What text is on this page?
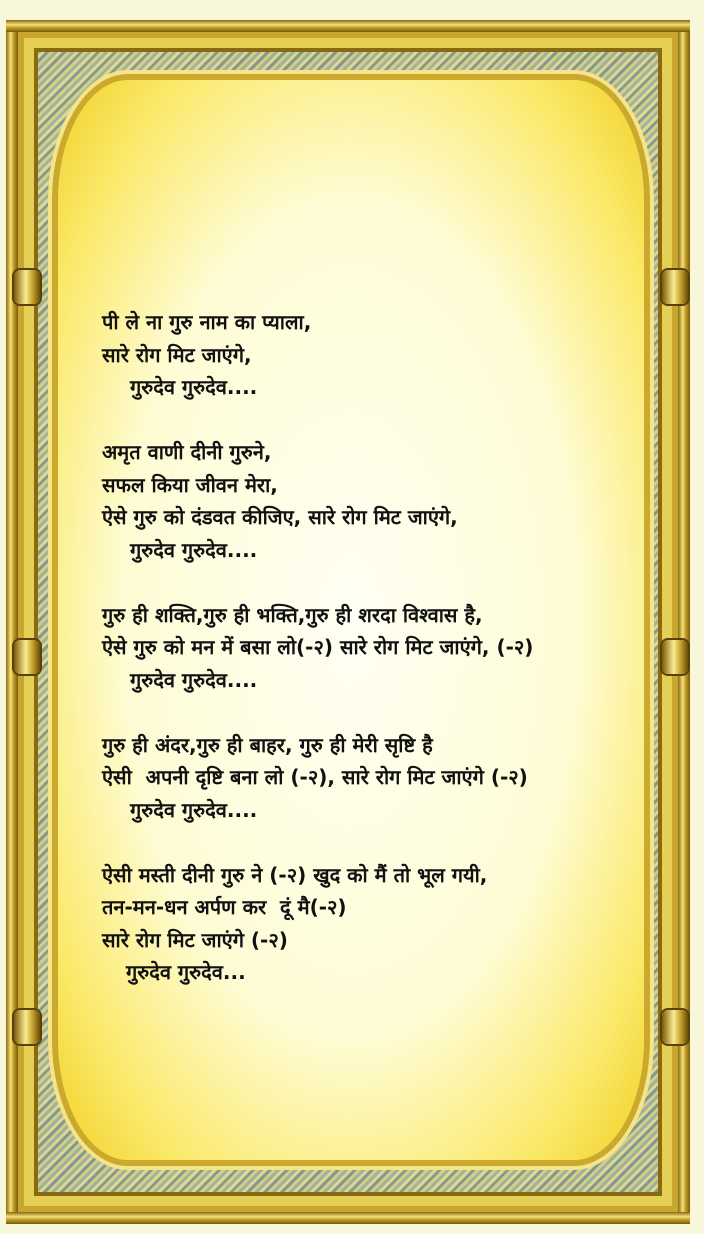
पी ले ना गुरु नाम का प्याला,
सारे रोग मिट जाएंगे,
गुरुदेव गुरुदेव....
अमृत वाणी दीनी गुरुने,
सफल किया जीवन मेरा,
ऐसे गुरु को दंडवत कीजिए, सारे रोग मिट जाएंगे,
गुरुदेव गुरुदेव....
गुरु ही शक्ति,गुरु ही भक्ति,गुरु ही शरदा विश्वास है,
ऐसे गुरु को मन में बसा लो(-२) सारे रोग मिट जाएंगे, (-२)
गुरुदेव गुरुदेव....
गुरु ही अंदर,गुरु ही बाहर, गुरु ही मेरी सृष्टि है
ऐसी  अपनी दृष्टि बना लो (-२), सारे रोग मिट जाएंगे (-२)
गुरुदेव गुरुदेव....
ऐसी मस्ती दीनी गुरु ने (-२) खुद को मैं तो भूल गयी,
तन-मन-धन अर्पण कर  दूं मै(-२)
सारे रोग मिट जाएंगे (-२)
गुरुदेव गुरुदेव...
